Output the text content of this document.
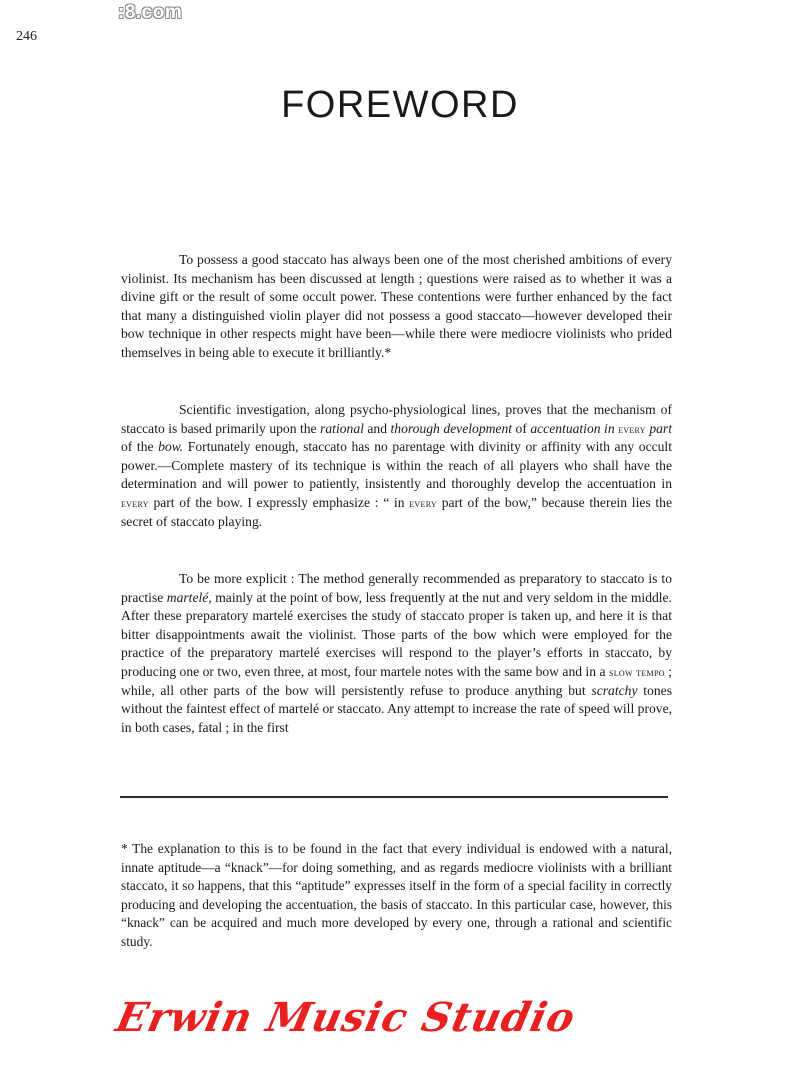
:8.com
246
FOREWORD

To possess a good staccato has always been one of the most cherished ambitions of every violinist. Its mechanism has been discussed at length ; questions were raised as to whether it was a divine gift or the result of some occult power. These contentions were further enhanced by the fact that many a distinguished violin player did not possess a good staccato—however developed their bow technique in other respects might have been—while there were mediocre violinists who prided themselves in being able to execute it brilliantly.*

Scientific investigation, along psycho-physiological lines, proves that the mechanism of staccato is based primarily upon the rational and thorough development of accentuation in every part of the bow. Fortunately enough, staccato has no parentage with divinity or affinity with any occult power.—Complete mastery of its technique is within the reach of all players who shall have the determination and will power to patiently, insistently and thoroughly develop the accentuation in every part of the bow. I expressly emphasize : “ in every part of the bow,” because therein lies the secret of staccato playing.

To be more explicit : The method generally recommended as preparatory to staccato is to practise martelé, mainly at the point of bow, less frequently at the nut and very seldom in the middle. After these preparatory martelé exercises the study of staccato proper is taken up, and here it is that bitter disappointments await the violinist. Those parts of the bow which were employed for the practice of the preparatory martelé exercises will respond to the player’s efforts in staccato, by producing one or two, even three, at most, four martele notes with the same bow and in a slow tempo ; while, all other parts of the bow will persistently refuse to produce anything but scratchy tones without the faintest effect of martelé or staccato. Any attempt to increase the rate of speed will prove, in both cases, fatal ; in the first

* The explanation to this is to be found in the fact that every individual is endowed with a natural, innate aptitude—a “knack”—for doing something, and as regards mediocre violinists with a brilliant staccato, it so happens, that this “aptitude” expresses itself in the form of a special facility in correctly producing and developing the accentuation, the basis of staccato. In this particular case, however, this “knack” can be acquired and much more developed by every one, through a rational and scientific study.

Erwin Music Studio
